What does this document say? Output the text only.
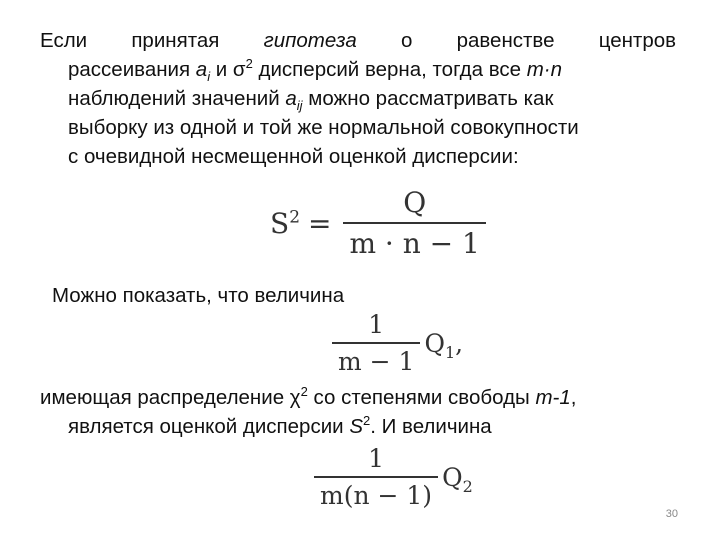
Если принятая гипотеза о равенстве центров
рассеивания $a_i$ и $\sigma^2$ дисперсий верна, тогда все m·n
наблюдений значений $a_{ij}$ можно рассматривать как
выборку из одной и той же нормальной совокупности
с очевидной несмещенной оценкой дисперсии:
$S^2 = \frac{Q}{m \cdot n - 1}$
Можно показать, что величина
$\frac{1}{m - 1} Q_1$,
имеющая распределение $\chi^2$ со степенями свободы m-1,
является оценкой дисперсии $S^2$. И величина
$\frac{1}{m(n - 1)} Q_2$
30
